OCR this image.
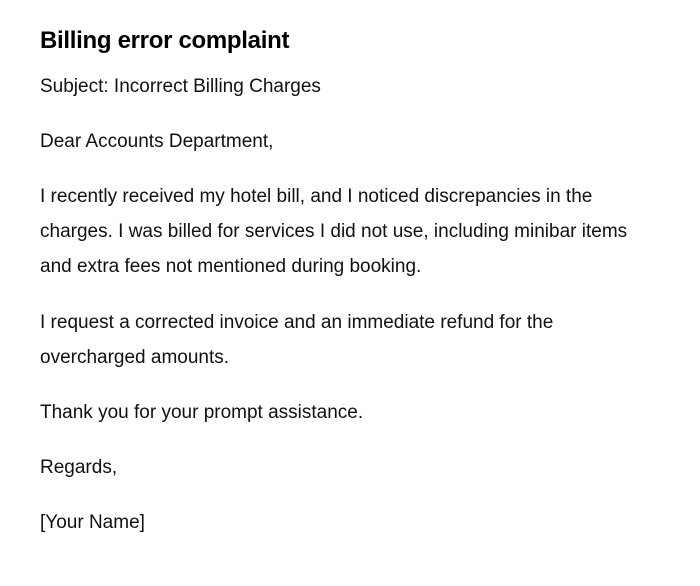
Billing error complaint

Subject: Incorrect Billing Charges

Dear Accounts Department,

I recently received my hotel bill, and I noticed discrepancies in the charges. I was billed for services I did not use, including minibar items and extra fees not mentioned during booking.

I request a corrected invoice and an immediate refund for the overcharged amounts.

Thank you for your prompt assistance.

Regards,

[Your Name]
